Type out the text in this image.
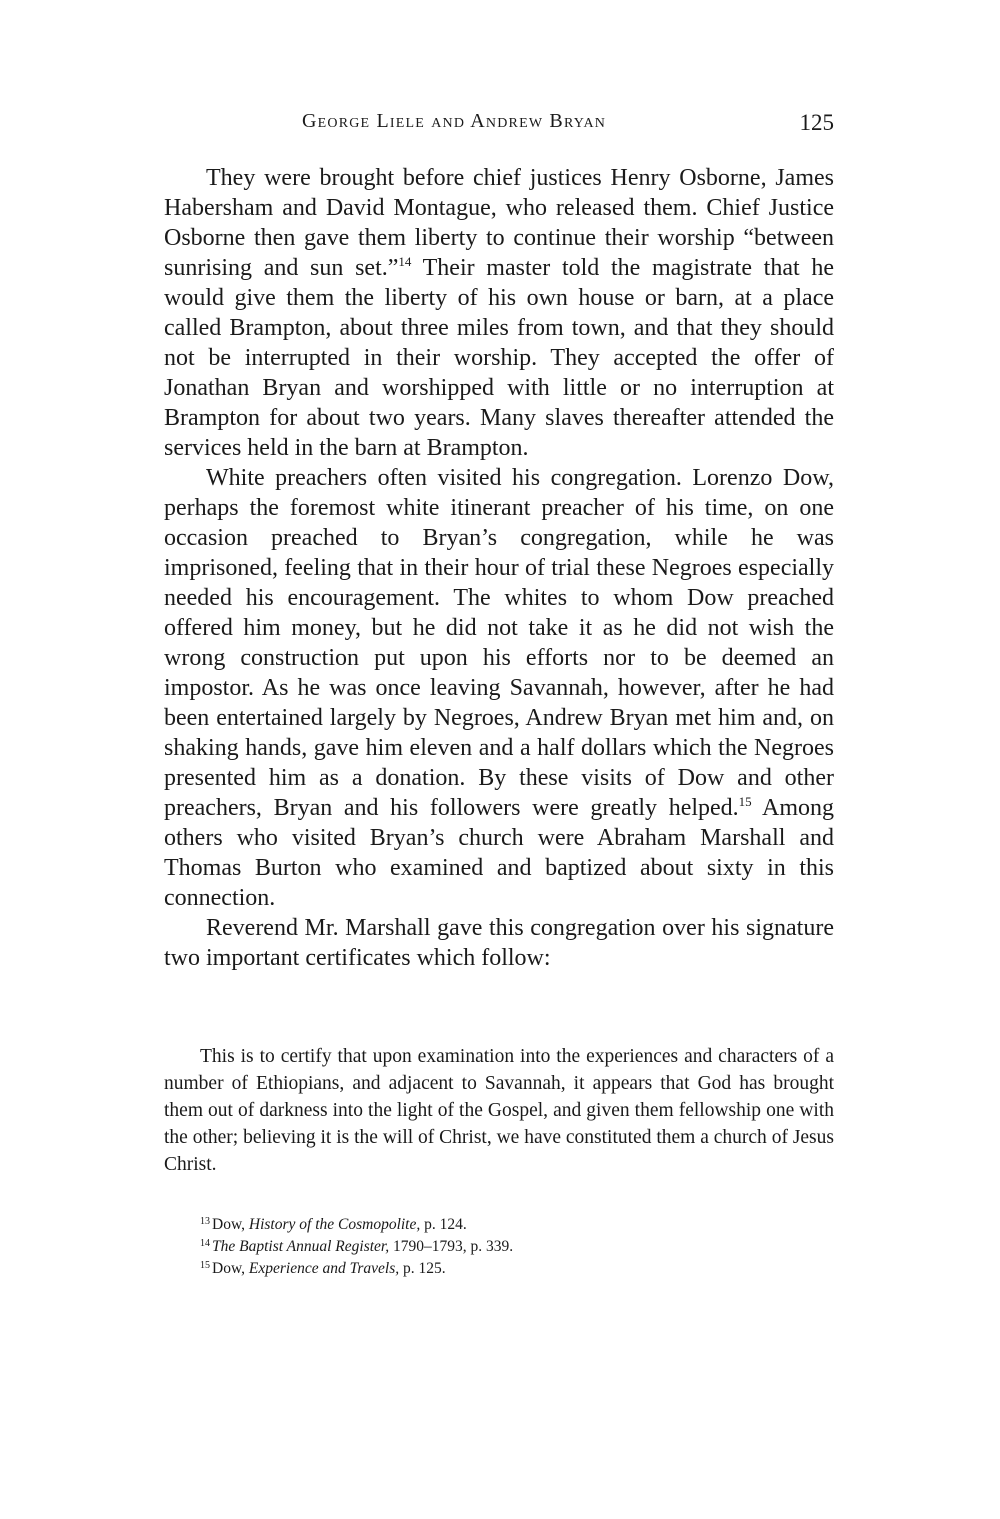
George Liele and Andrew Bryan	125

They were brought before chief justices Henry Osborne, James Habersham and David Montague, who released them. Chief Justice Osborne then gave them liberty to continue their worship “between sunrising and sun set.”$^{14}$ Their master told the magistrate that he would give them the liberty of his own house or barn, at a place called Brampton, about three miles from town, and that they should not be interrupted in their worship. They accepted the offer of Jonathan Bryan and worshipped with little or no interruption at Brampton for about two years. Many slaves thereafter attended the services held in the barn at Brampton.

White preachers often visited his congregation. Lorenzo Dow, perhaps the foremost white itinerant preacher of his time, on one occasion preached to Bryan’s congregation, while he was imprisoned, feeling that in their hour of trial these Negroes especially needed his encouragement. The whites to whom Dow preached offered him money, but he did not take it as he did not wish the wrong construction put upon his efforts nor to be deemed an impostor. As he was once leaving Savannah, however, after he had been entertained largely by Negroes, Andrew Bryan met him and, on shaking hands, gave him eleven and a half dollars which the Negroes presented him as a donation. By these visits of Dow and other preachers, Bryan and his followers were greatly helped.$^{15}$ Among others who visited Bryan’s church were Abraham Marshall and Thomas Burton who examined and baptized about sixty in this connection.

Reverend Mr. Marshall gave this congregation over his signature two important certificates which follow:

This is to certify that upon examination into the experiences and characters of a number of Ethiopians, and adjacent to Savannah, it appears that God has brought them out of darkness into the light of the Gospel, and given them fellowship one with the other; believing it is the will of Christ, we have constituted them a church of Jesus Christ.

$^{13}$ Dow, History of the Cosmopolite, p. 124.

$^{14}$ The Baptist Annual Register, 1790–1793, p. 339.

$^{15}$ Dow, Experience and Travels, p. 125.
